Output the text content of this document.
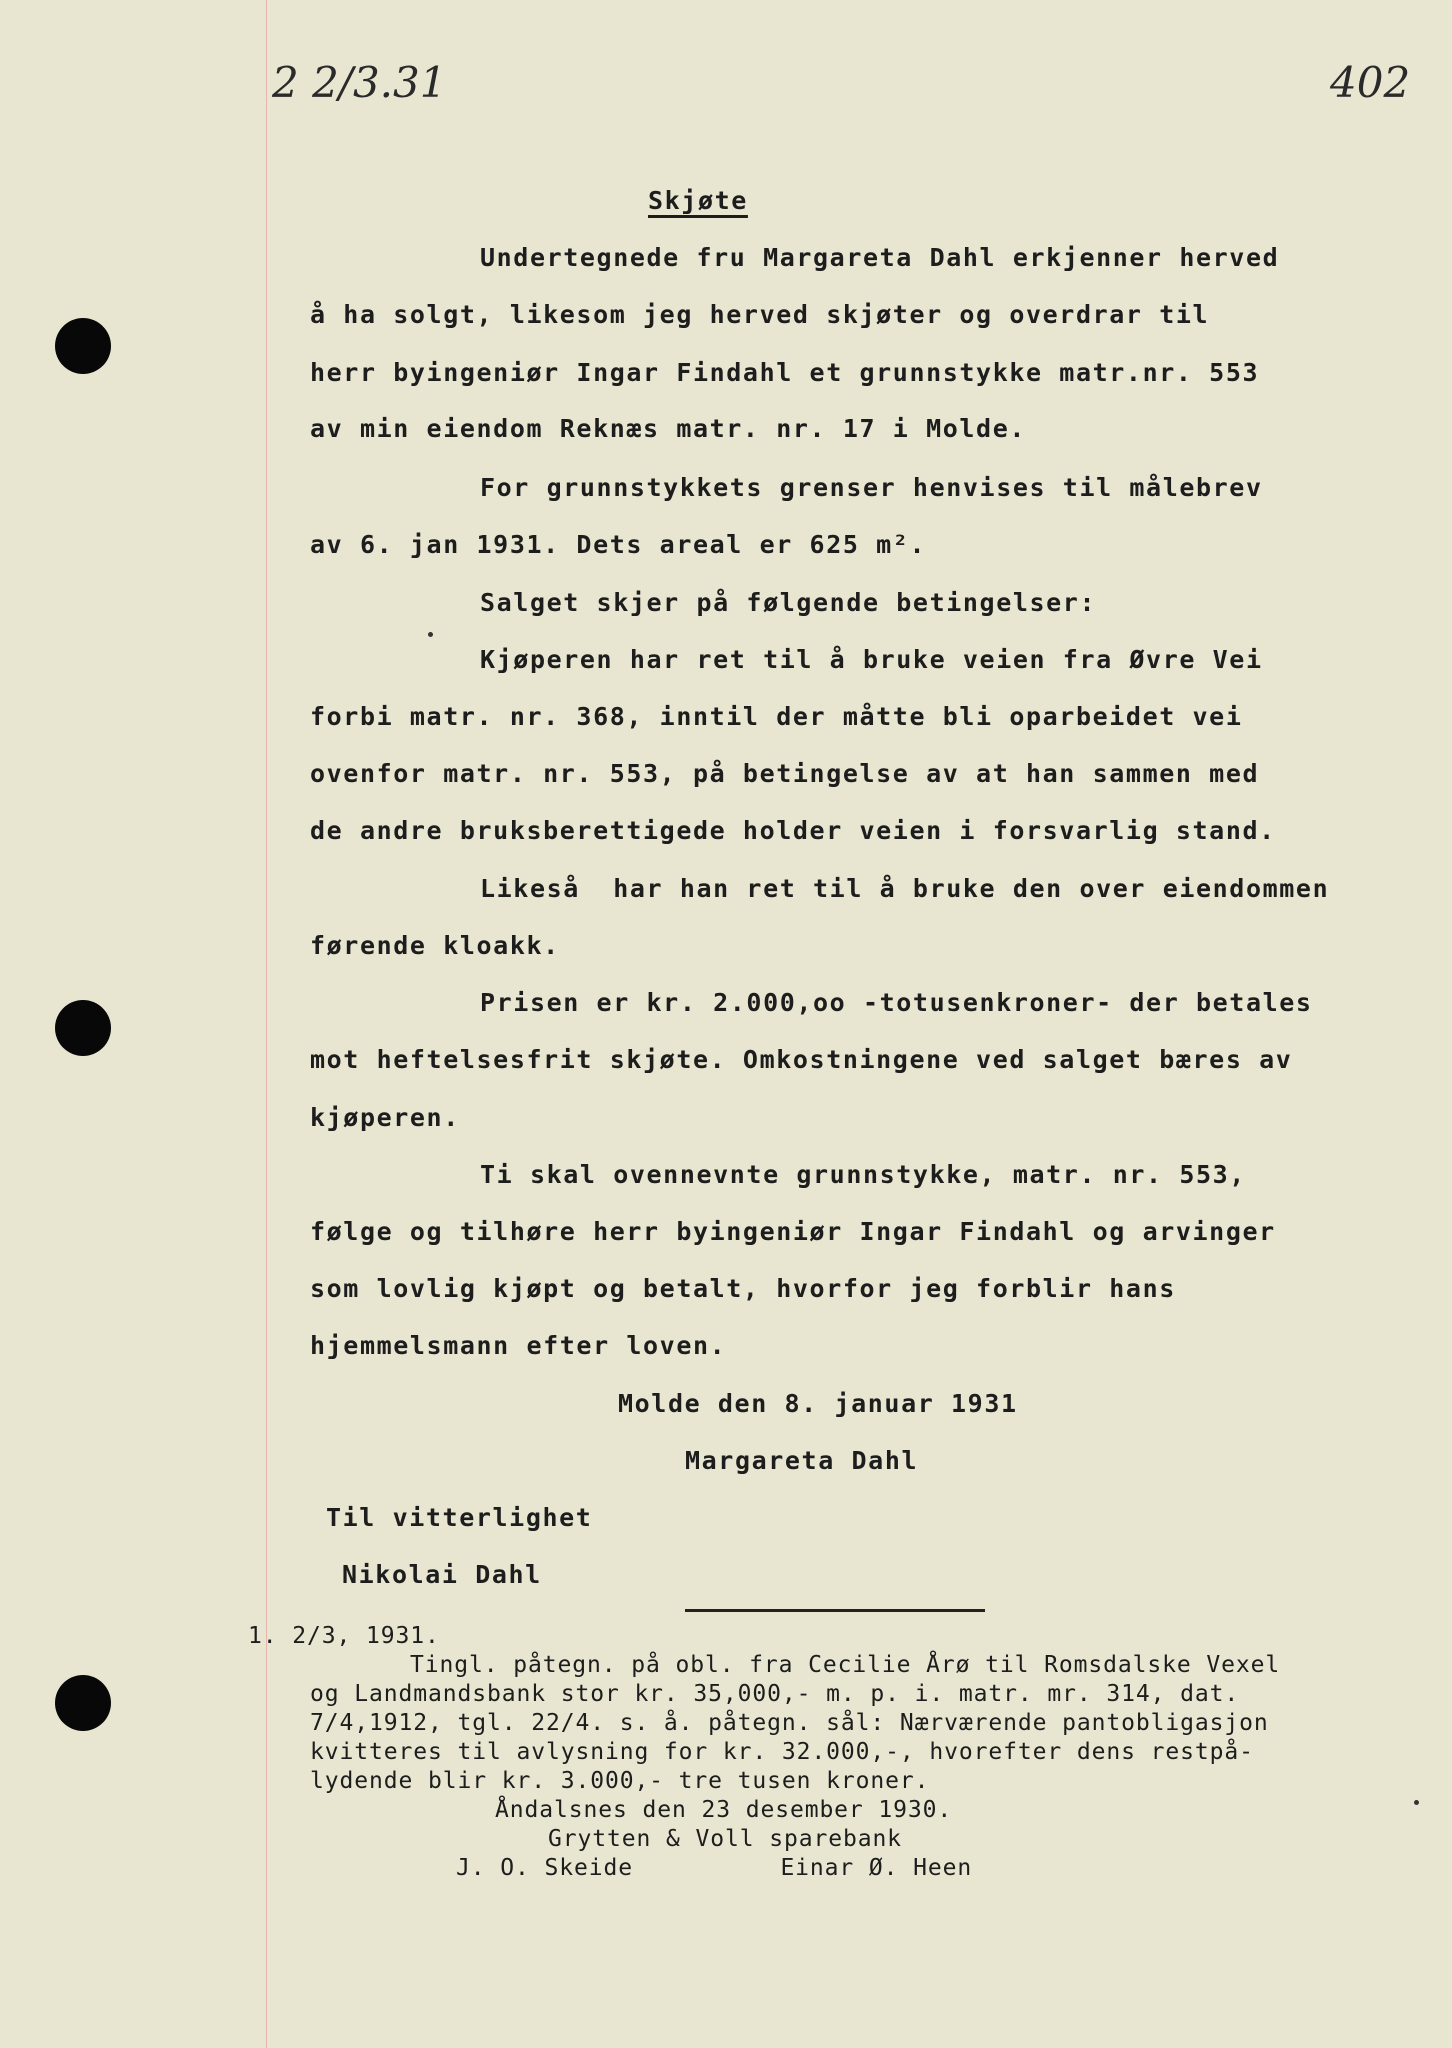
2 2/3.31	402
Skjøte
Undertegnede fru Margareta Dahl erkjenner herved
å ha solgt, likesom jeg herved skjøter og overdrar til
herr byingeniør Ingar Findahl et grunnstykke matr.nr. 553
av min eiendom Reknæs matr. nr. 17 i Molde.
For grunnstykkets grenser henvises til målebrev
av 6. jan 1931. Dets areal er 625 m².
Salget skjer på følgende betingelser:
Kjøperen har ret til å bruke veien fra Øvre Vei
forbi matr. nr. 368, inntil der måtte bli oparbeidet vei
ovenfor matr. nr. 553, på betingelse av at han sammen med
de andre bruksberettigede holder veien i forsvarlig stand.
Likeså  har han ret til å bruke den over eiendommen
førende kloakk.
Prisen er kr. 2.000,oo -totusenkroner- der betales
mot heftelsesfrit skjøte. Omkostningene ved salget bæres av
kjøperen.
Ti skal ovennevnte grunnstykke, matr. nr. 553,
følge og tilhøre herr byingeniør Ingar Findahl og arvinger
som lovlig kjøpt og betalt, hvorfor jeg forblir hans
hjemmelsmann efter loven.
Molde den 8. januar 1931
Margareta Dahl
Til vitterlighet
Nikolai Dahl
1. 2/3, 1931.
Tingl. påtegn. på obl. fra Cecilie Årø til Romsdalske Vexel
og Landmandsbank stor kr. 35,000,- m. p. i. matr. mr. 314, dat.
7/4,1912, tgl. 22/4. s. å. påtegn. sål: Nærværende pantobligasjon
kvitteres til avlysning for kr. 32.000,-, hvorefter dens restpå-
lydende blir kr. 3.000,- tre tusen kroner.
Åndalsnes den 23 desember 1930.
Grytten & Voll sparebank
J. O. Skeide          Einar Ø. Heen
